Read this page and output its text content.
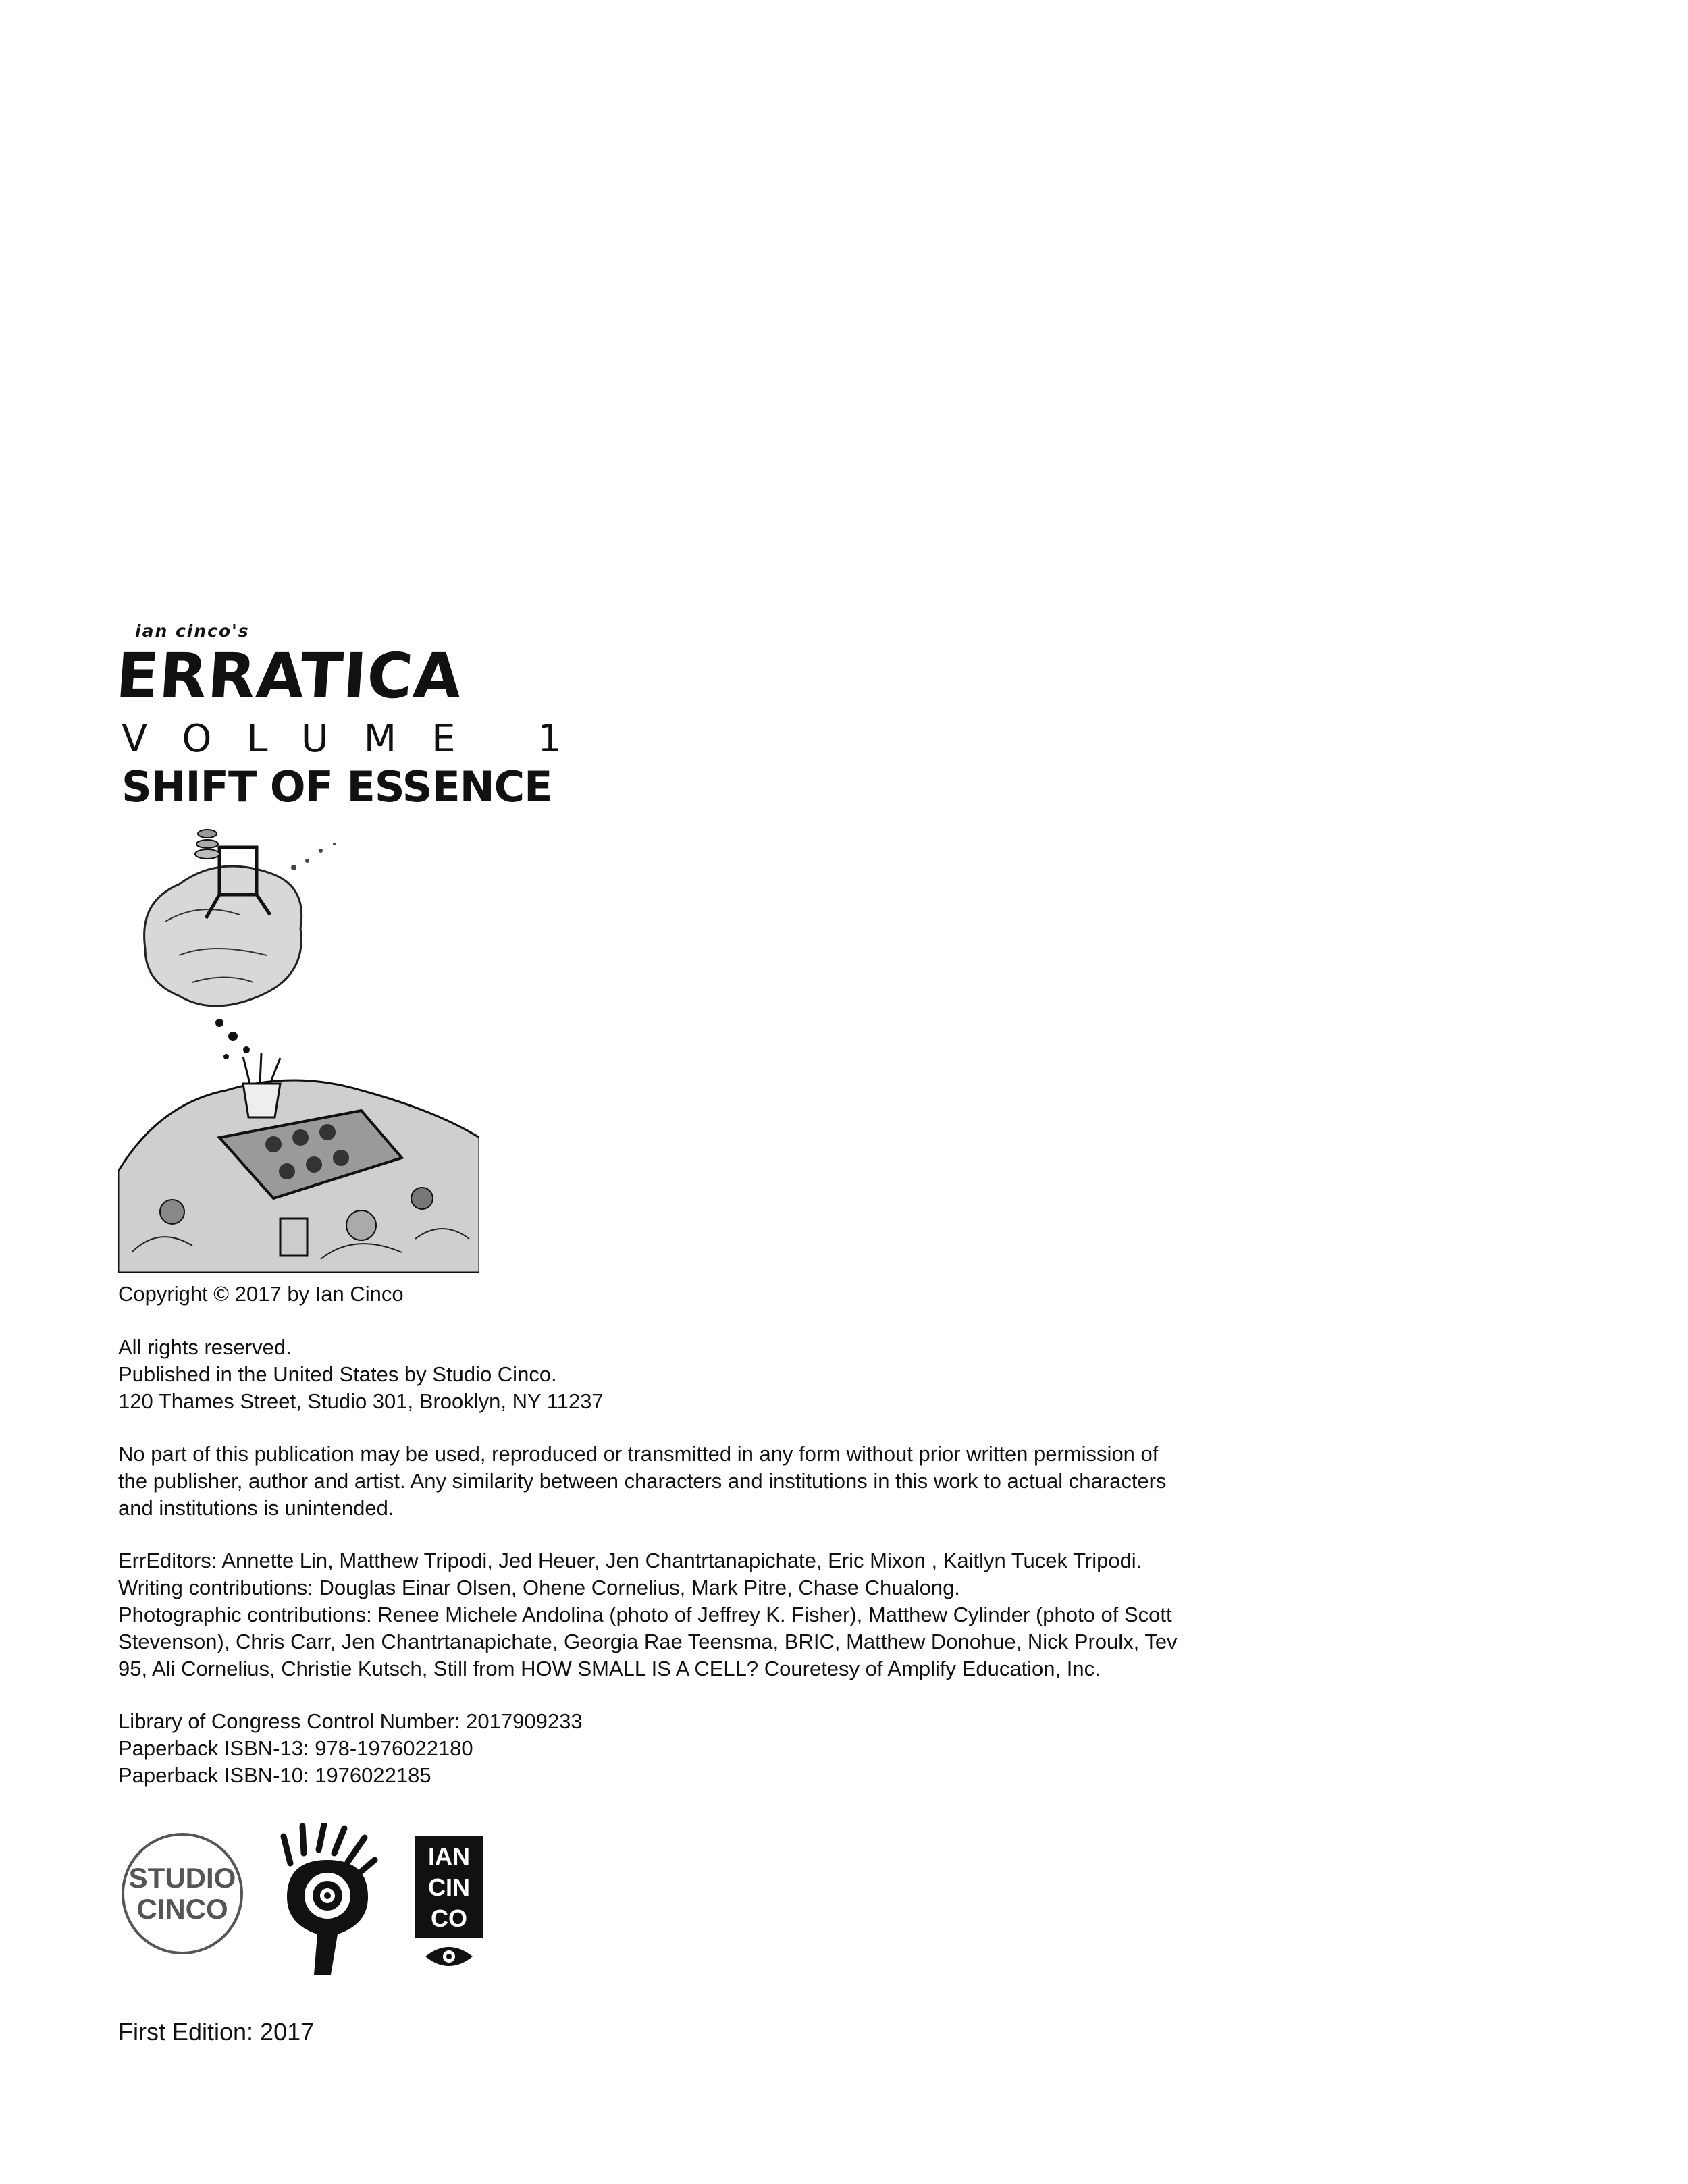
ian cinco's
ERRATICA
VOLUME 1
SHIFT OF ESSENCE
Copyright © 2017 by Ian Cinco
All rights reserved.
Published in the United States by Studio Cinco.
120 Thames Street, Studio 301, Brooklyn, NY 11237
No part of this publication may be used, reproduced or transmitted in any form without prior written permission of
the publisher, author and artist. Any similarity between characters and institutions in this work to actual characters
and institutions is unintended.
ErrEditors: Annette Lin, Matthew Tripodi, Jed Heuer, Jen Chantrtanapichate, Eric Mixon , Kaitlyn Tucek Tripodi.
Writing contributions: Douglas Einar Olsen, Ohene Cornelius, Mark Pitre, Chase Chualong.
Photographic contributions: Renee Michele Andolina (photo of Jeffrey K. Fisher), Matthew Cylinder (photo of Scott
Stevenson), Chris Carr, Jen Chantrtanapichate, Georgia Rae Teensma, BRIC, Matthew Donohue, Nick Proulx, Tev
95, Ali Cornelius, Christie Kutsch, Still from HOW SMALL IS A CELL? Couretesy of Amplify Education, Inc.
Library of Congress Control Number: 2017909233
Paperback ISBN-13: 978-1976022180
Paperback ISBN-10: 1976022185
STUDIO
CINCO
IAN
CIN
CO
First Edition: 2017
